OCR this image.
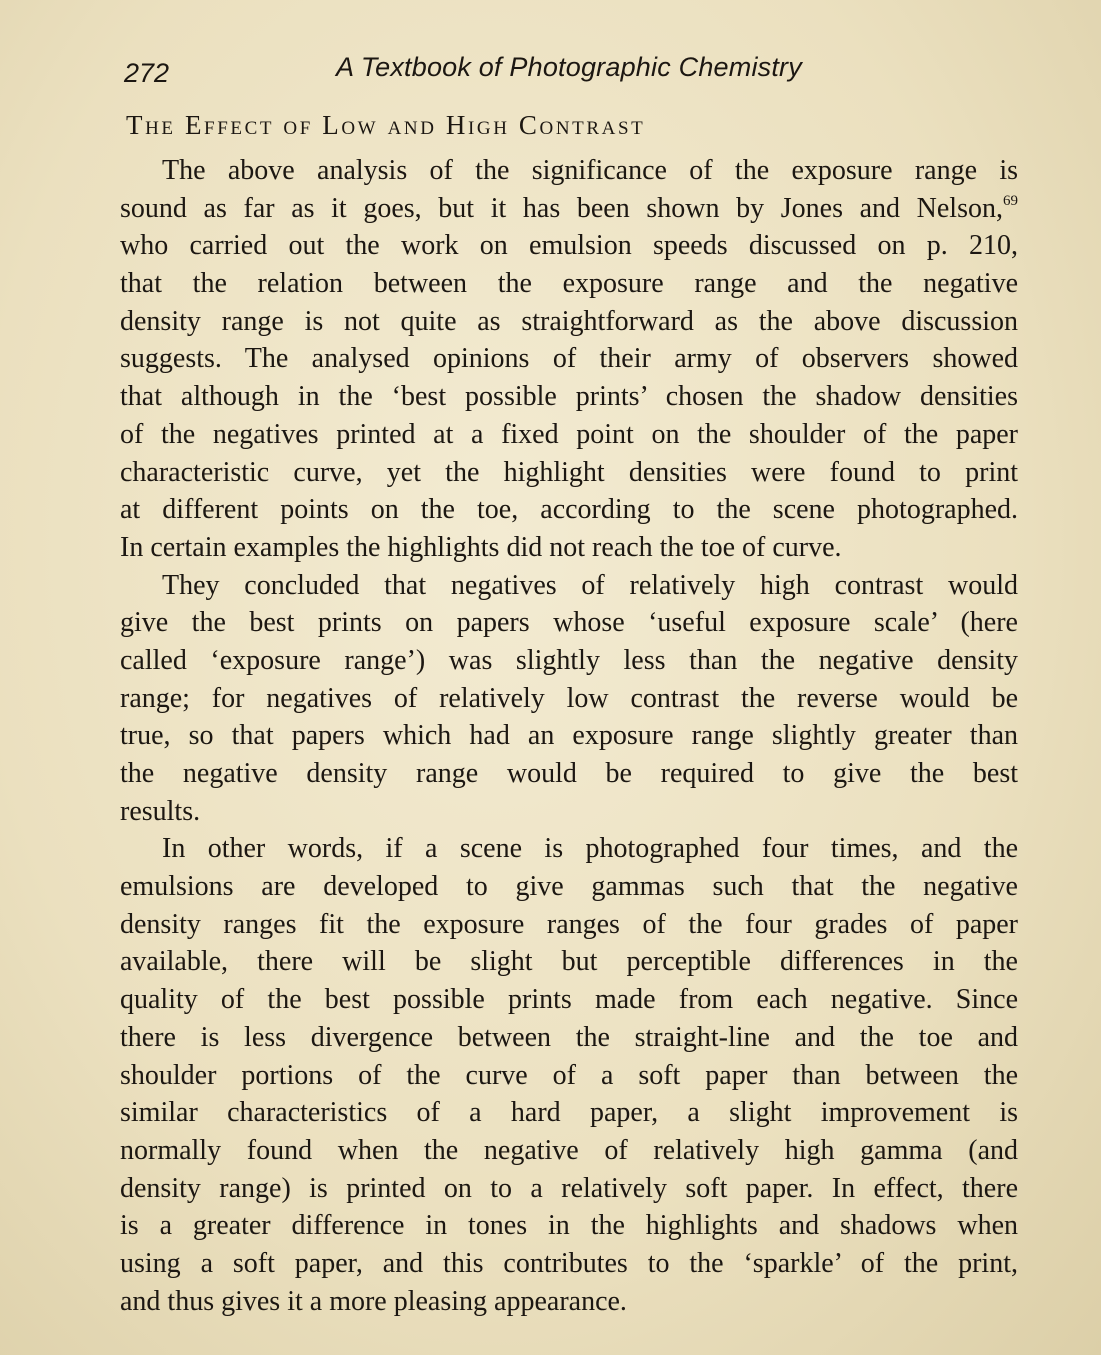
272	A Textbook of Photographic Chemistry
The Effect of Low and High Contrast
The above analysis of the significance of the exposure range is
sound as far as it goes, but it has been shown by Jones and Nelson,$^{69}$
who carried out the work on emulsion speeds discussed on p. 210,
that the relation between the exposure range and the negative
density range is not quite as straightforward as the above discussion
suggests. The analysed opinions of their army of observers showed
that although in the ‘best possible prints’ chosen the shadow densities
of the negatives printed at a fixed point on the shoulder of the paper
characteristic curve, yet the highlight densities were found to print
at different points on the toe, according to the scene photographed.
In certain examples the highlights did not reach the toe of curve.
They concluded that negatives of relatively high contrast would
give the best prints on papers whose ‘useful exposure scale’ (here
called ‘exposure range’) was slightly less than the negative density
range; for negatives of relatively low contrast the reverse would be
true, so that papers which had an exposure range slightly greater than
the negative density range would be required to give the best
results.
In other words, if a scene is photographed four times, and the
emulsions are developed to give gammas such that the negative
density ranges fit the exposure ranges of the four grades of paper
available, there will be slight but perceptible differences in the
quality of the best possible prints made from each negative. Since
there is less divergence between the straight-line and the toe and
shoulder portions of the curve of a soft paper than between the
similar characteristics of a hard paper, a slight improvement is
normally found when the negative of relatively high gamma (and
density range) is printed on to a relatively soft paper. In effect, there
is a greater difference in tones in the highlights and shadows when
using a soft paper, and this contributes to the ‘sparkle’ of the print,
and thus gives it a more pleasing appearance.
